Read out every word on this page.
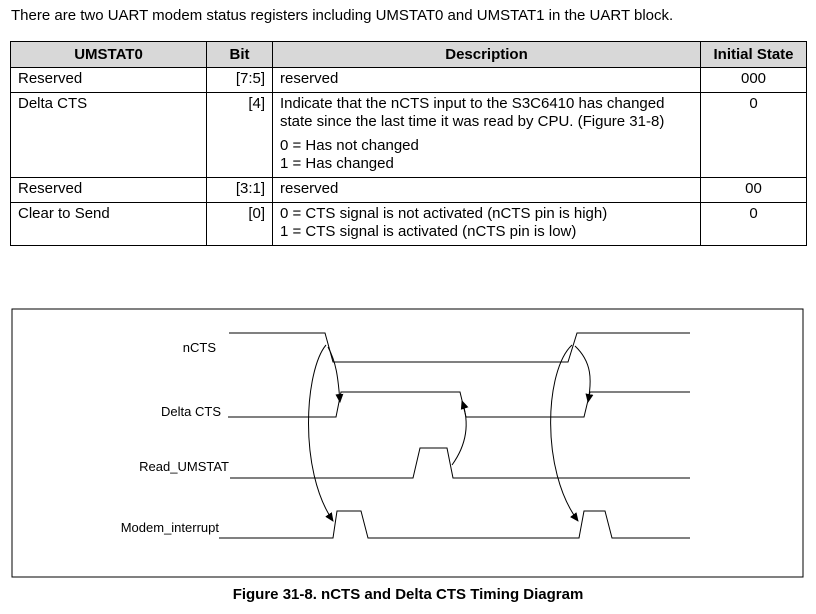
There are two UART modem status registers including UMSTAT0 and UMSTAT1 in the UART block.
UMSTAT0	Bit	Description	Initial State
Reserved	[7:5]	reserved	000
Delta CTS	[4]	Indicate that the nCTS input to the S3C6410 has changed
state since the last time it was read by CPU. (Figure 31-8)
0 = Has not changed
1 = Has changed	0
Reserved	[3:1]	reserved	00
Clear to Send	[0]	0 = CTS signal is not activated (nCTS pin is high)
1 = CTS signal is activated (nCTS pin is low)	0
nCTS
Delta CTS
Read_UMSTAT
Modem_interrupt
Figure 31-8. nCTS and Delta CTS Timing Diagram
